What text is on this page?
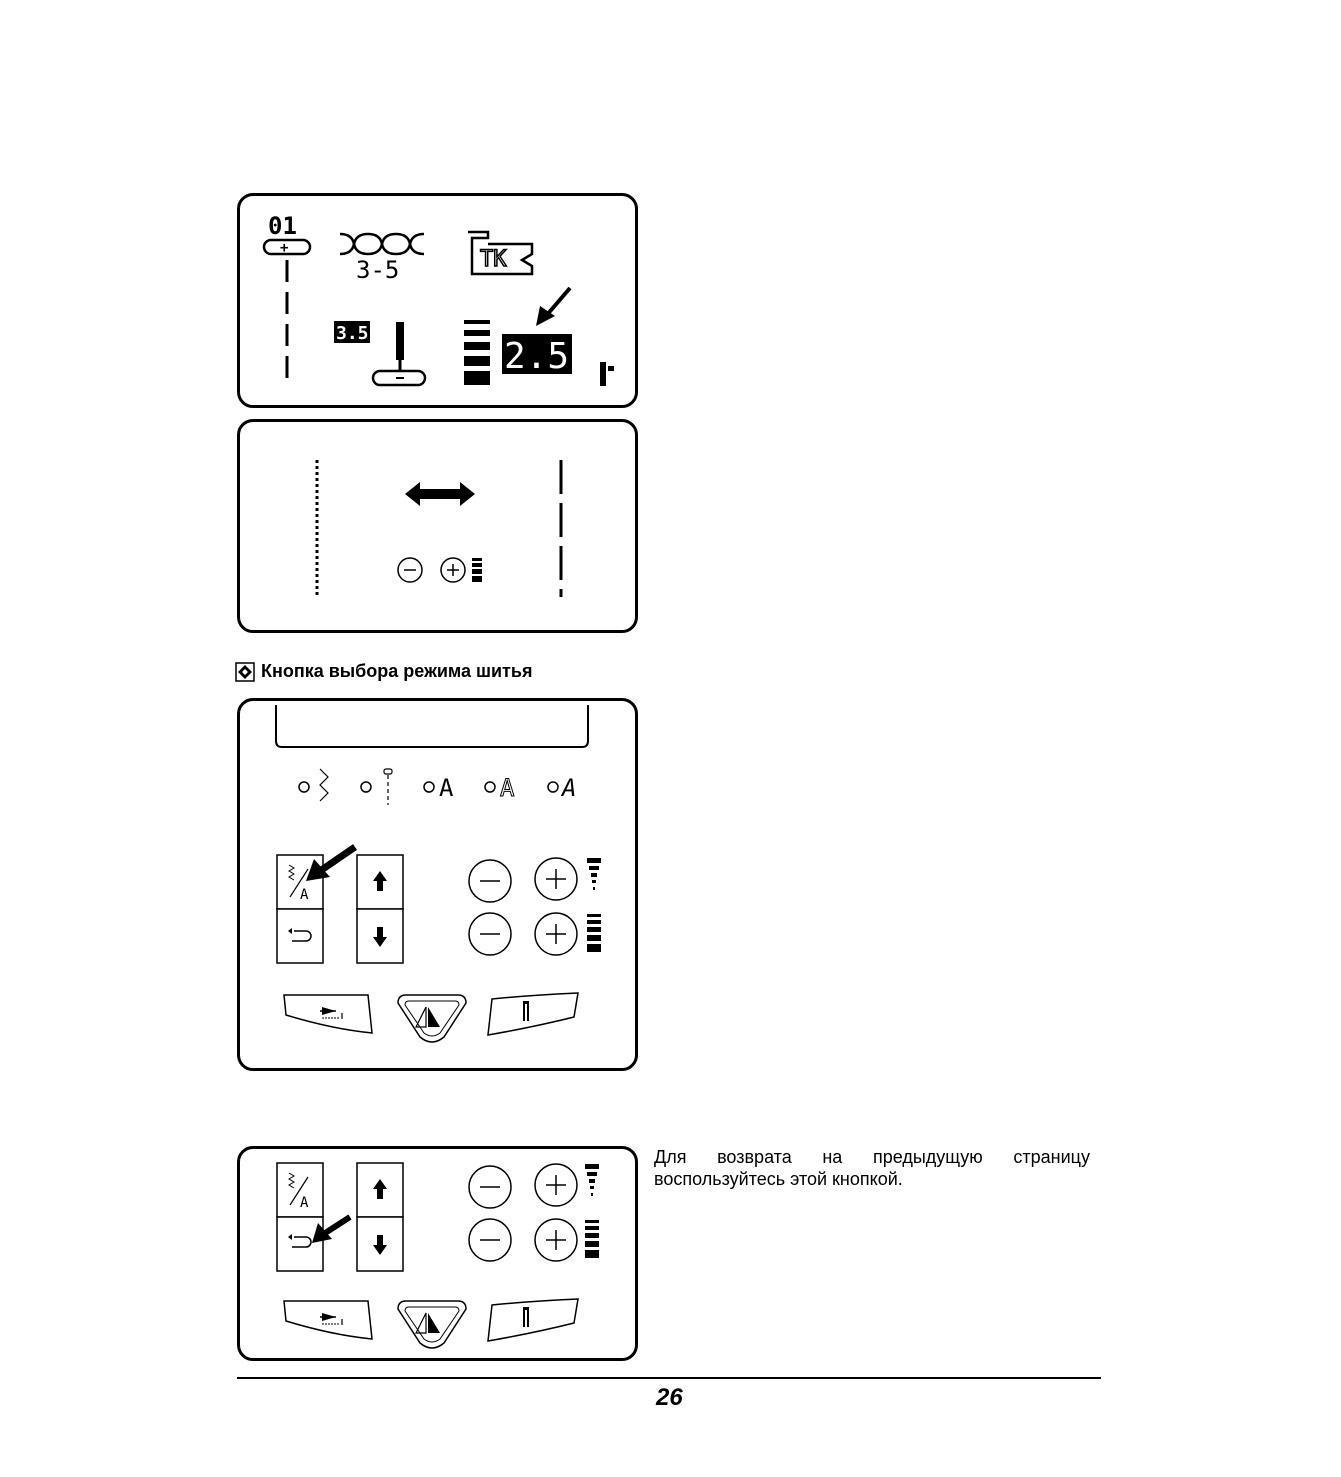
01
+
3-5	TK
3.5
2.5
Кнопка выбора режима шитья
A A A
A
A
Для возврата на предыдущую страницу воспользуйтесь этой кнопкой.
26
